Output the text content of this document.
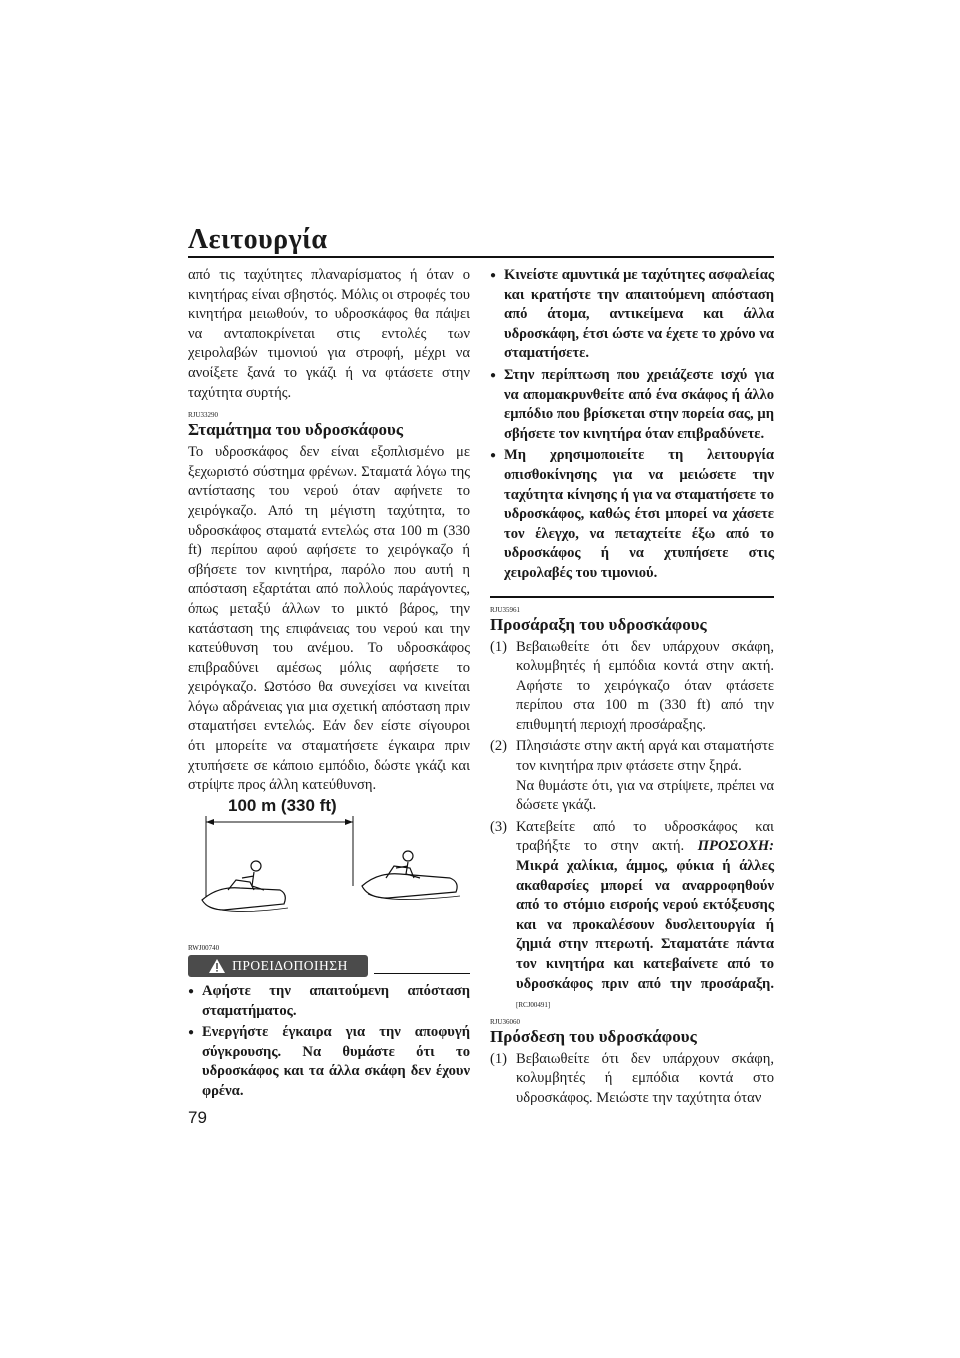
Λειτουργία

από τις ταχύτητες πλαναρίσματος ή όταν ο κινητήρας είναι σβηστός. Μόλις οι στροφές του κινητήρα μειωθούν, το υδροσκάφος θα πάψει να ανταποκρίνεται στις εντολές των χειρολαβών τιμονιού για στροφή, μέχρι να ανοίξετε ξανά το γκάζι ή να φτάσετε στην ταχύτητα συρτής.

RJU33290
Σταμάτημα του υδροσκάφους

Το υδροσκάφος δεν είναι εξοπλισμένο με ξεχωριστό σύστημα φρένων. Σταματά λόγω της αντίστασης του νερού όταν αφήνετε το χειρόγκαζο. Από τη μέγιστη ταχύτητα, το υδροσκάφος σταματά εντελώς στα 100 m (330 ft) περίπου αφού αφήσετε το χειρόγκαζο ή σβήσετε τον κινητήρα, παρόλο που αυτή η απόσταση εξαρτάται από πολλούς παράγοντες, όπως μεταξύ άλλων το μικτό βάρος, την κατάσταση της επιφάνειας του νερού και την κατεύθυνση του ανέμου. Το υδροσκάφος επιβραδύνει αμέσως μόλις αφήσετε το χειρόγκαζο. Ωστόσο θα συνεχίσει να κινείται λόγω αδράνειας για μια σχετική απόσταση πριν σταματήσει εντελώς. Εάν δεν είστε σίγουροι ότι μπορείτε να σταματήσετε έγκαιρα πριν χτυπήσετε σε κάποιο εμπόδιο, δώστε γκάζι και στρίψτε προς άλλη κατεύθυνση.

100 m (330 ft)
RWJ00740
ΠΡΟΕΙΔΟΠΟΙΗΣΗ
● Αφήστε την απαιτούμενη απόσταση σταματήματος.
● Ενεργήστε έγκαιρα για την αποφυγή σύγκρουσης. Να θυμάστε ότι το υδροσκάφος και τα άλλα σκάφη δεν έχουν φρένα.
● Κινείστε αμυντικά με ταχύτητες ασφαλείας και κρατήστε την απαιτούμενη απόσταση από άτομα, αντικείμενα και άλλα υδροσκάφη, έτσι ώστε να έχετε το χρόνο να σταματήσετε.
● Στην περίπτωση που χρειάζεστε ισχύ για να απομακρυνθείτε από ένα σκάφος ή άλλο εμπόδιο που βρίσκεται στην πορεία σας, μη σβήσετε τον κινητήρα όταν επιβραδύνετε.
● Μη χρησιμοποιείτε τη λειτουργία οπισθοκίνησης για να μειώσετε την ταχύτητα κίνησης ή για να σταματήσετε το υδροσκάφος, καθώς έτσι μπορεί να χάσετε τον έλεγχο, να πεταχτείτε έξω από το υδροσκάφος ή να χτυπήσετε στις χειρολαβές του τιμονιού.
RJU35961
Προσάραξη του υδροσκάφους
(1) Βεβαιωθείτε ότι δεν υπάρχουν σκάφη, κολυμβητές ή εμπόδια κοντά στην ακτή. Αφήστε το χειρόγκαζο όταν φτάσετε περίπου στα 100 m (330 ft) από την επιθυμητή περιοχή προσάραξης.
(2) Πλησιάστε στην ακτή αργά και σταματήστε τον κινητήρα πριν φτάσετε στην ξηρά.
Να θυμάστε ότι, για να στρίψετε, πρέπει να δώσετε γκάζι.
(3) Κατεβείτε από το υδροσκάφος και τραβήξτε το στην ακτή. ΠΡΟΣΟΧΗ: Μικρά χαλίκια, άμμος, φύκια ή άλλες ακαθαρσίες μπορεί να αναρροφηθούν από το στόμιο εισροής νερού εκτόξευσης και να προκαλέσουν δυσλειτουργία ή ζημιά στην πτερωτή. Σταματάτε πάντα τον κινητήρα και κατεβαίνετε από το υδροσκάφος πριν από την προσάραξη. [RCJ00491]
RJU36060
Πρόσδεση του υδροσκάφους
(1) Βεβαιωθείτε ότι δεν υπάρχουν σκάφη, κολυμβητές ή εμπόδια κοντά στο υδροσκάφος. Μειώστε την ταχύτητα όταν
79
